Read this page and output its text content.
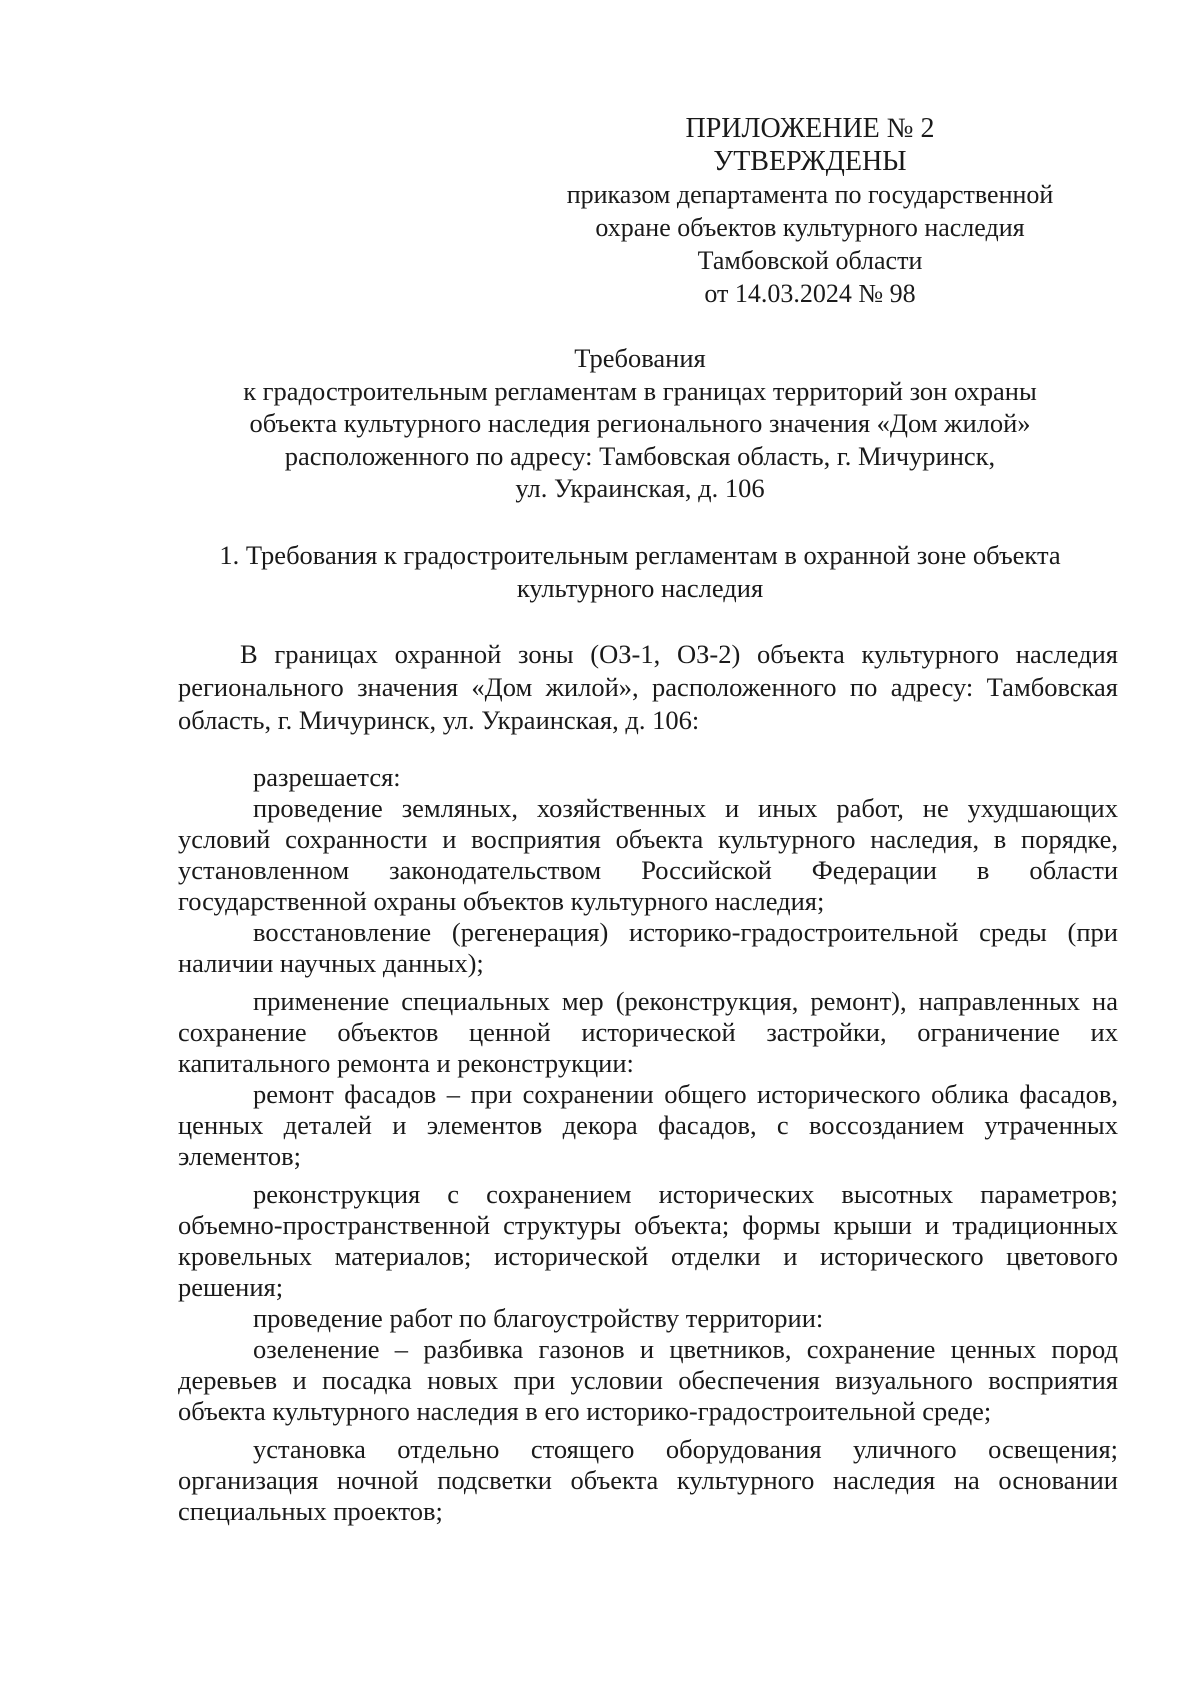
ПРИЛОЖЕНИЕ № 2
УТВЕРЖДЕНЫ
приказом департамента по государственной
охране объектов культурного наследия
Тамбовской области
от 14.03.2024 № 98
Требования
к градостроительным регламентам в границах территорий зон охраны
объекта культурного наследия регионального значения «Дом жилой»
расположенного по адресу: Тамбовская область, г. Мичуринск,
ул. Украинская, д. 106
1. Требования к градостроительным регламентам в охранной зоне объекта
культурного наследия

В границах охранной зоны (ОЗ-1, ОЗ-2) объекта культурного наследия регионального значения «Дом жилой», расположенного по адресу: Тамбовская область, г. Мичуринск, ул. Украинская, д. 106:

разрешается:

проведение земляных, хозяйственных и иных работ, не ухудшающих условий сохранности и восприятия объекта культурного наследия, в порядке, установленном законодательством Российской Федерации в области государственной охраны объектов культурного наследия;

восстановление (регенерация) историко-градостроительной среды (при наличии научных данных);

применение специальных мер (реконструкция, ремонт), направленных на сохранение объектов ценной исторической застройки, ограничение их капитального ремонта и реконструкции:

ремонт фасадов – при сохранении общего исторического облика фасадов, ценных деталей и элементов декора фасадов, с воссозданием утраченных элементов;

реконструкция с сохранением исторических высотных параметров; объемно-пространственной структуры объекта; формы крыши и традиционных кровельных материалов; исторической отделки и исторического цветового решения;

проведение работ по благоустройству территории:

озеленение – разбивка газонов и цветников, сохранение ценных пород деревьев и посадка новых при условии обеспечения визуального восприятия объекта культурного наследия в его историко-градостроительной среде;

установка отдельно стоящего оборудования уличного освещения; организация ночной подсветки объекта культурного наследия на основании специальных проектов;
